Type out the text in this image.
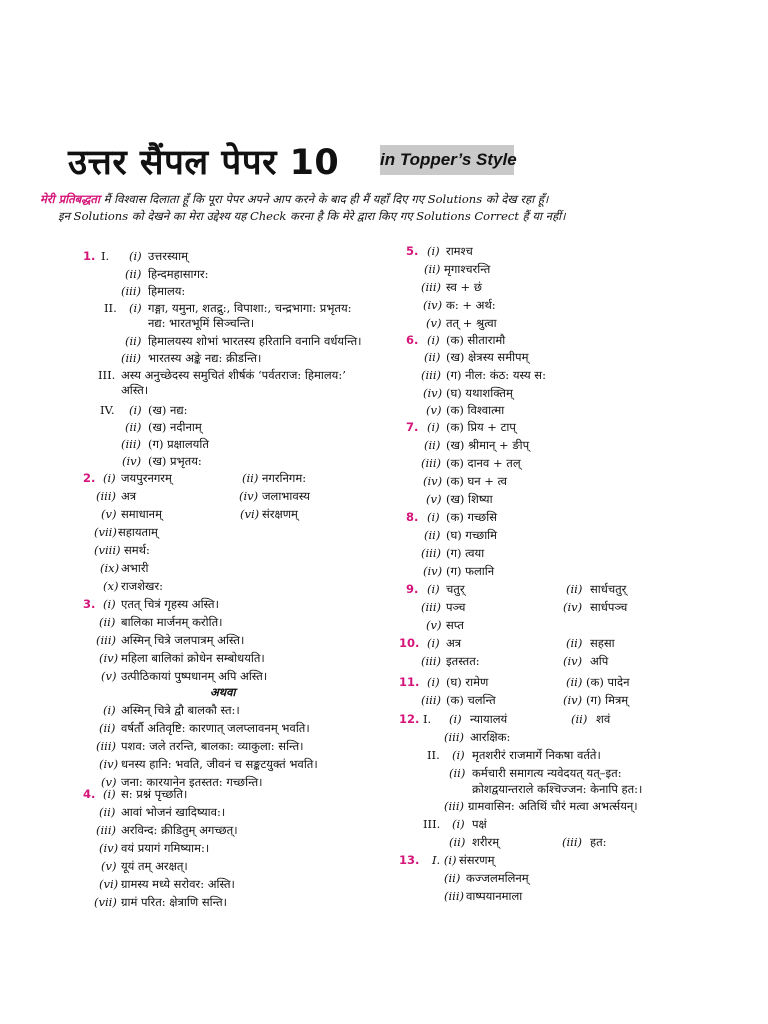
उत्तर सैंपल पेपर 10 in Topper’s Style

मेरी प्रतिबद्धता मैं विश्वास दिलाता हूँ कि पूरा पेपर अपने आप करने के बाद ही मैं यहाँ दिए गए Solutions को देख रहा हूँ।

इन Solutions को देखने का मेरा उद्देश्य यह Check करना है कि मेरे द्वारा किए गए Solutions Correct हैं या नहीं।

1. I. (i) उत्तरस्याम्
(ii) हिन्दमहासागर:
(iii) हिमालय:
II. (i) गङ्गा, यमुना, शतद्रु:, विपाशा:, चन्द्रभागा: प्रभृतय:
नद्य: भारतभूमिं सिञ्चन्ति।
(ii) हिमालयस्य शोभां भारतस्य हरितानि वनानि वर्धयन्ति।
(iii) भारतस्य अङ्के नद्य: क्रीडन्ति।
III. अस्य अनुच्छेदस्य समुचितं शीर्षकं ‘पर्वतराज: हिमालय:’
अस्ति।
IV. (i) (ख) नद्य:
(ii) (ख) नदीनाम्
(iii) (ग) प्रक्षालयति
(iv) (ख) प्रभृतय:
2. (i) जयपुरनगरम्	(ii) नगरनिगम:
(iii) अत्र	(iv) जलाभावस्य
(v) समाधानम्	(vi) संरक्षणम्
(vii) सहायताम्
(viii) समर्थ:
(ix) अभारी
(x) राजशेखर:
3. (i) एतत् चित्रं गृहस्य अस्ति।
(ii) बालिका मार्जनम् करोति।
(iii) अस्मिन् चित्रे जलपात्रम् अस्ति।
(iv) महिला बालिकां क्रोधेन सम्बोधयति।
(v) उत्पीठिकायां पुष्पधानम् अपि अस्ति।
अथवा
(i) अस्मिन् चित्रे द्वौ बालकौ स्त:।
(ii) वर्षर्तौ अतिवृष्टि: कारणात् जलप्लावनम् भवति।
(iii) पशव: जले तरन्ति, बालका: व्याकुला: सन्ति।
(iv) धनस्य हानि: भवति, जीवनं च सङ्कटयुक्तं भवति।
(v) जना: कारयानेन इतस्तत: गच्छन्ति।
4. (i) स: प्रश्नं पृच्छति।
(ii) आवां भोजनं खादिष्याव:।
(iii) अरविन्द: क्रीडितुम् अगच्छत्।
(iv) वयं प्रयागं गमिष्याम:।
(v) यूयं तम् अरक्षत्।
(vi) ग्रामस्य मध्ये सरोवर: अस्ति।
(vii) ग्रामं परित: क्षेत्राणि सन्ति।
5. (i) रामश्च
(ii) मृगाश्चरन्ति
(iii) स्व + छं
(iv) क: + अर्थ:
(v) तत् + श्रुत्वा
6. (i) (क) सीतारामौ
(ii) (ख) क्षेत्रस्य समीपम्
(iii) (ग) नील: कंठ: यस्य स:
(iv) (घ) यथाशक्तिम्
(v) (क) विश्वात्मा
7. (i) (क) प्रिय + टाप्
(ii) (ख) श्रीमान् + ङीप्
(iii) (क) दानव + तल्
(iv) (क) घन + त्व
(v) (ख) शिष्या
8. (i) (क) गच्छसि
(ii) (घ) गच्छामि
(iii) (ग) त्वया
(iv) (ग) फलानि
9. (i) चतुर्	(ii) सार्धचतुर्
(iii) पञ्च	(iv) सार्धपञ्च
(v) सप्त
10. (i) अत्र	(ii) सहसा
(iii) इतस्तत:	(iv) अपि
11. (i) (घ) रामेण	(ii) (क) पादेन
(iii) (क) चलन्ति	(iv) (ग) मित्रम्
12. I. (i) न्यायालयं	(ii) शवं
(iii) आरक्षिक:
II. (i) मृतशरीरं राजमार्गे निकषा वर्तते।
(ii) कर्मचारी समागत्य न्यवेदयत् यत्–इत:
क्रोशद्वयान्तराले कश्चिज्जन: केनापि हत:।
(iii) ग्रामवासिन: अतिथिं चौरं मत्वा अभर्त्सयन्।
III. (i) पक्षं
(ii) शरीरम्	(iii) हत:
13. I. (i) संसरणम्
(ii) कज्जलमलिनम्
(iii) वाष्पयानमाला
